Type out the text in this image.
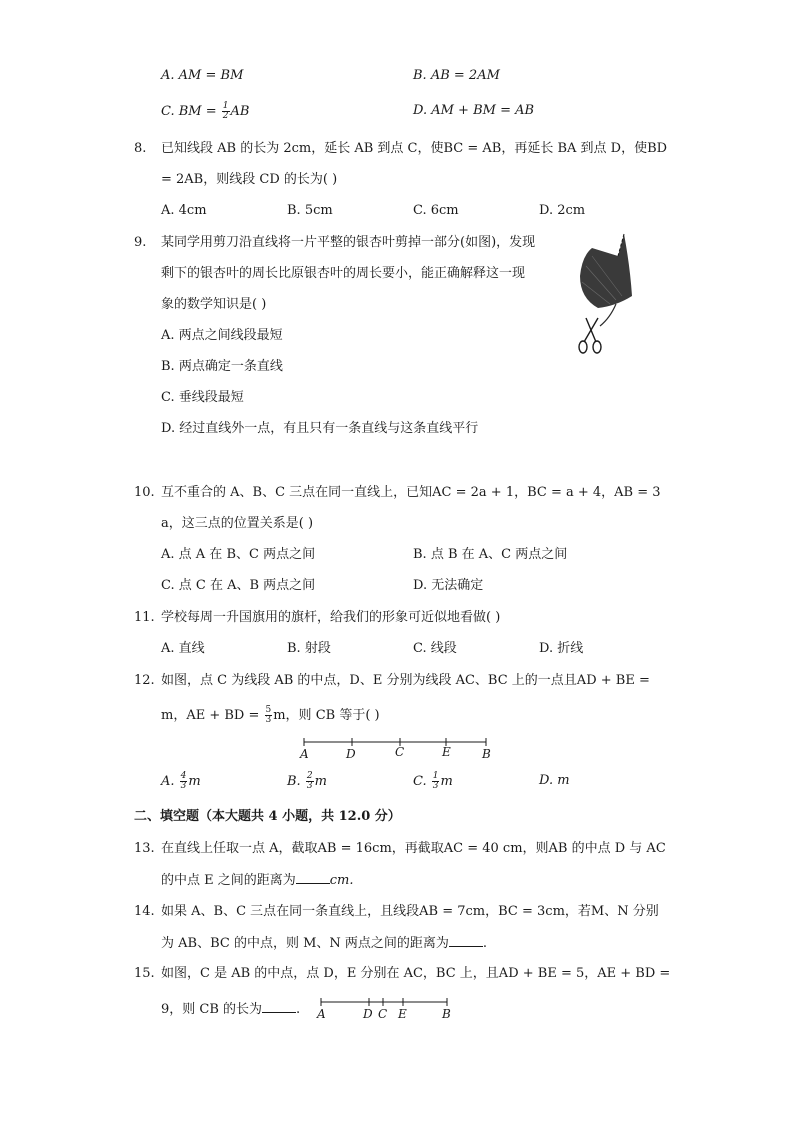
A. AM = BM	B. AB = 2AM
C. BM = $\frac{1}{2}$ AB	D. AM + BM = AB
8. 已知线段 AB 的长为 2cm，延长 AB 到点 C，使BC = AB，再延长 BA 到点 D，使BD
= 2AB，则线段 CD 的长为( )
A. 4cm	B. 5cm	C. 6cm	D. 2cm
9. 某同学用剪刀沿直线将一片平整的银杏叶剪掉一部分(如图)，发现
剩下的银杏叶的周长比原银杏叶的周长要小，能正确解释这一现
象的数学知识是( )
A. 两点之间线段最短
B. 两点确定一条直线
C. 垂线段最短
D. 经过直线外一点，有且只有一条直线与这条直线平行
10. 互不重合的 A、B、C 三点在同一直线上，已知AC = 2a + 1，BC = a + 4，AB = 3
a，这三点的位置关系是( )
A. 点 A 在 B、C 两点之间	B. 点 B 在 A、C 两点之间
C. 点 C 在 A、B 两点之间	D. 无法确定
11. 学校每周一升国旗用的旗杆，给我们的形象可近似地看做( )
A. 直线	B. 射段	C. 线段	D. 折线
12. 如图，点 C 为线段 AB 的中点，D、E 分别为线段 AC、BC 上的一点且AD + BE =
m，AE + BD = $\frac{5}{3}$ m，则 CB 等于( )
A	D	C	E	B
A. $\frac{4}{3}$ m	B. $\frac{2}{3}$ m	C. $\frac{1}{3}$ m	D. m
二、填空题（本大题共 4 小题，共 12.0 分）
13. 在直线上任取一点 A，截取AB = 16cm，再截取AC = 40 cm，则AB 的中点 D 与 AC
的中点 E 之间的距离为	cm.
14. 如果 A、B、C 三点在同一条直线上，且线段AB = 7cm，BC = 3cm，若M、N 分别
为 AB、BC 的中点，则 M、N 两点之间的距离为	.
15. 如图，C 是 AB 的中点，点 D，E 分别在 AC，BC 上，且AD + BE = 5，AE + BD =
9，则 CB 的长为	. A	D C E	B
